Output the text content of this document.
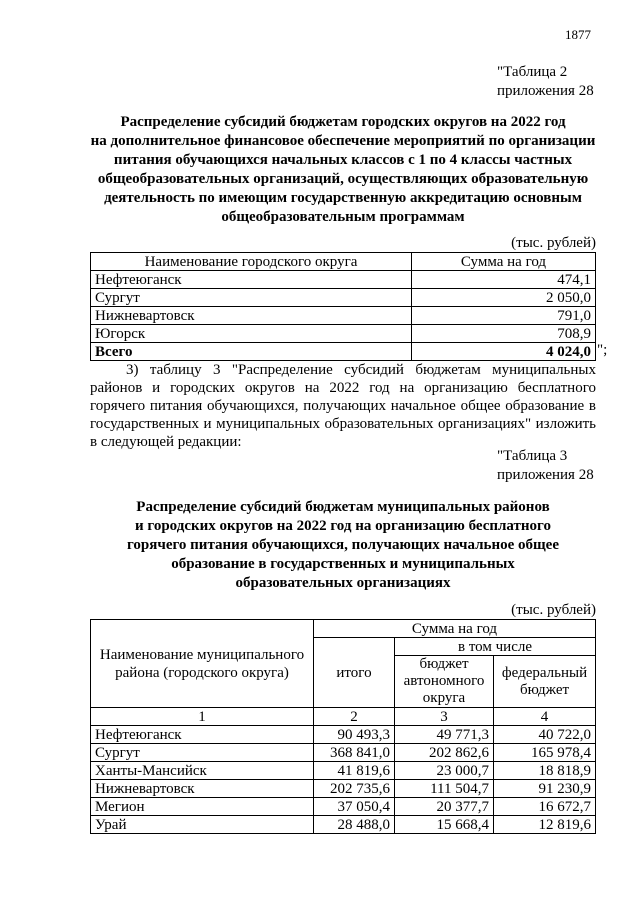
1877
"Таблица 2
приложения 28
Распределение субсидий бюджетам городских округов на 2022 год
на дополнительное финансовое обеспечение мероприятий по организации
питания обучающихся начальных классов с 1 по 4 классы частных
общеобразовательных организаций, осуществляющих образовательную
деятельность по имеющим государственную аккредитацию основным
общеобразовательным программам
(тыс. рублей)
Наименование городского округа	Сумма на год
Нефтеюганск	474,1
Сургут	2 050,0
Нижневартовск	791,0
Югорск	708,9
Всего	4 024,0 ";
3) таблицу 3 "Распределение субсидий бюджетам муниципальных районов и городских округов на 2022 год на организацию бесплатного горячего питания обучающихся, получающих начальное общее образование в государственных и муниципальных образовательных организациях" изложить в следующей редакции:
"Таблица 3
приложения 28
Распределение субсидий бюджетам муниципальных районов
и городских округов на 2022 год на организацию бесплатного
горячего питания обучающихся, получающих начальное общее
образование в государственных и муниципальных
образовательных организациях
(тыс. рублей)
Наименование муниципального района (городского округа)	Сумма на год		
	итого	в том числе	
		бюджет автономного округа	федеральный бюджет
1	2	3	4
Нефтеюганск	90 493,3	49 771,3	40 722,0
Сургут	368 841,0	202 862,6	165 978,4
Ханты-Мансийск	41 819,6	23 000,7	18 818,9
Нижневартовск	202 735,6	111 504,7	91 230,9
Мегион	37 050,4	20 377,7	16 672,7
Урай	28 488,0	15 668,4	12 819,6
